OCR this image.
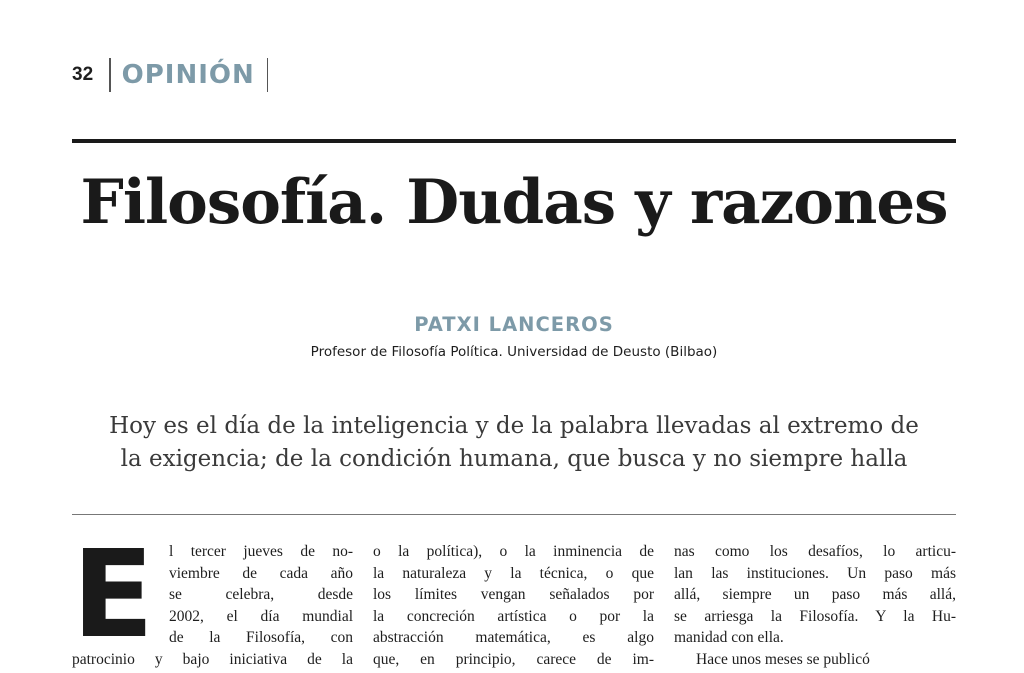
32 OPINIÓN
Filosofía. Dudas y razones
PATXI LANCEROS
Profesor de Filosofía Política. Universidad de Deusto (Bilbao)
Hoy es el día de la inteligencia y de la palabra llevadas al extremo de
la exigencia; de la condición humana, que busca y no siempre halla
E l tercer jueves de no-
viembre de cada año
se celebra, desde
2002, el día mundial
de la Filosofía, con
patrocinio y bajo iniciativa de la
o la política), o la inminencia de
la naturaleza y la técnica, o que
los límites vengan señalados por
la concreción artística o por la
abstracción matemática, es algo
que, en principio, carece de im-
nas como los desafíos, lo articu-
lan las instituciones. Un paso más
allá, siempre un paso más allá,
se arriesga la Filosofía. Y la Hu-
manidad con ella.
Hace unos meses se publicó
